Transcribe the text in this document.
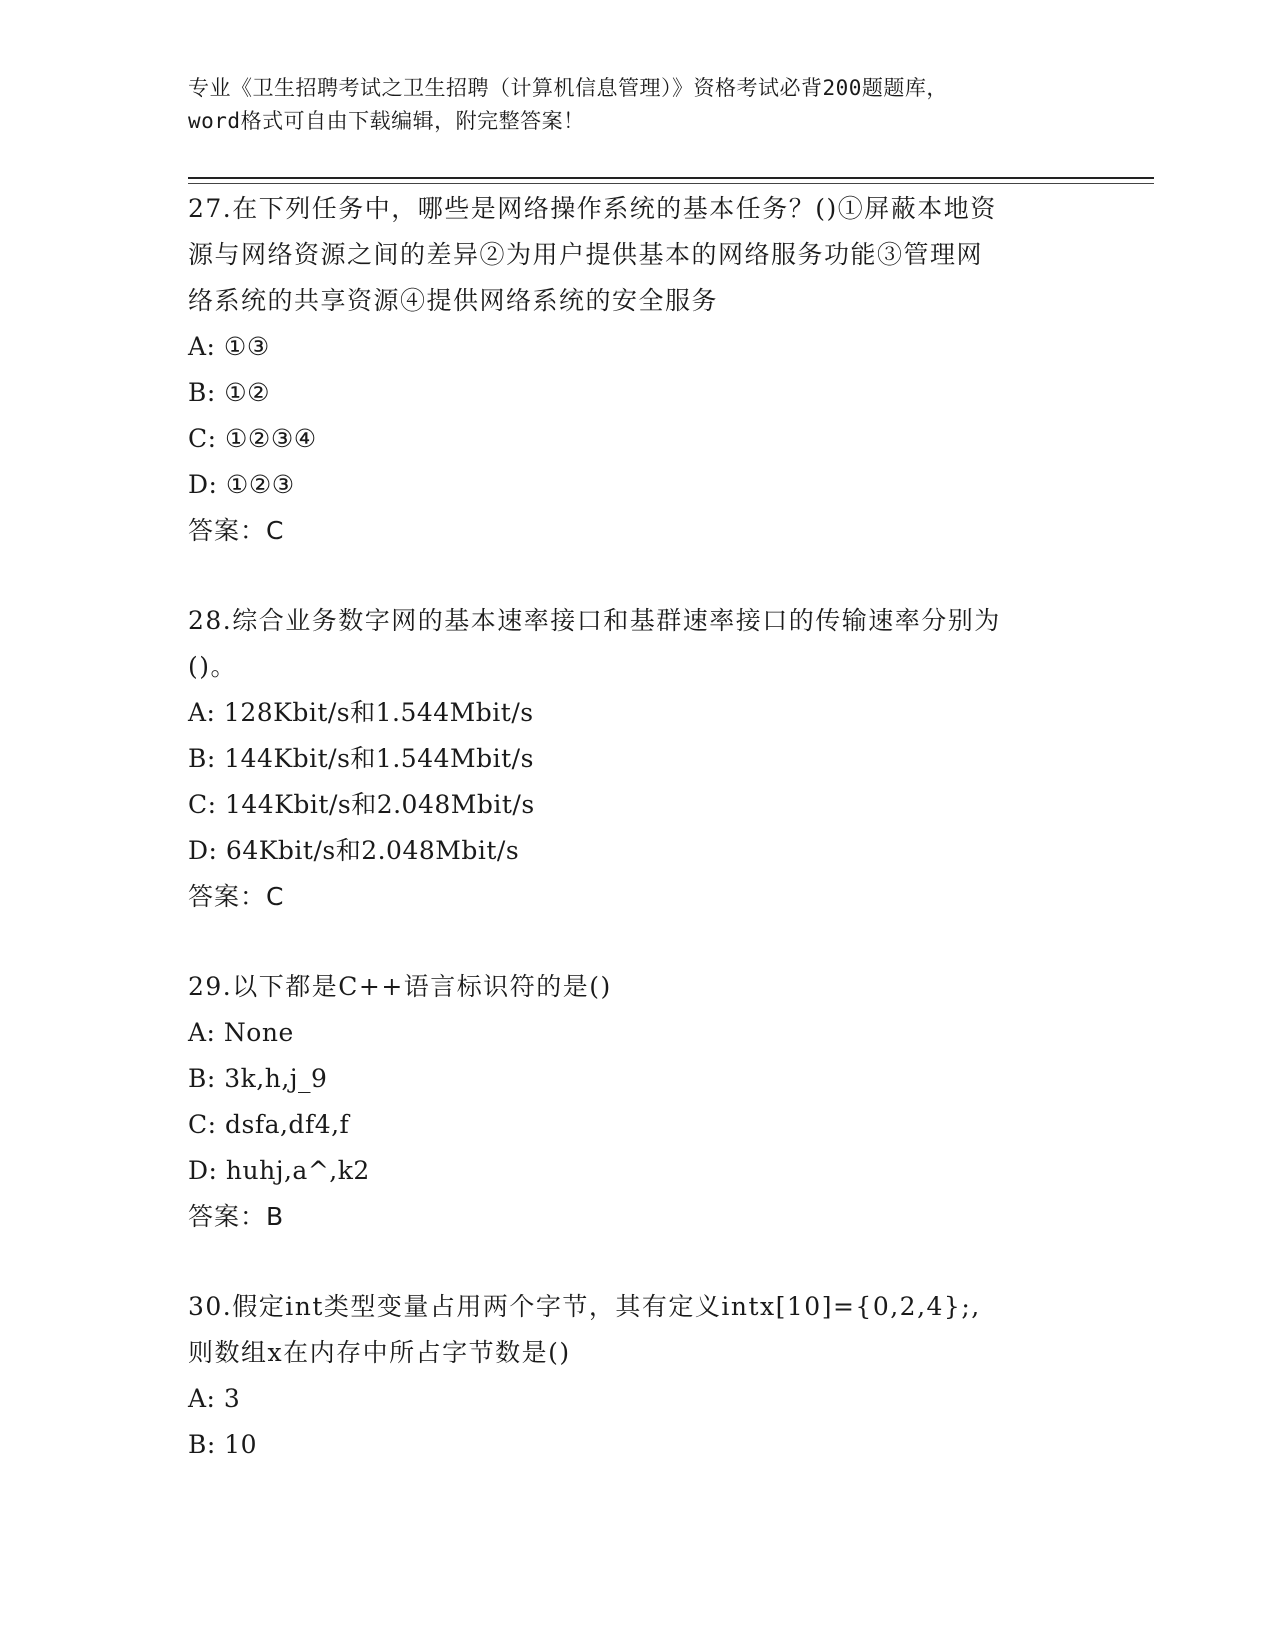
专业《卫生招聘考试之卫生招聘（计算机信息管理）》资格考试必背200题题库，
word格式可自由下载编辑，附完整答案！

27.在下列任务中，哪些是网络操作系统的基本任务？()①屏蔽本地资

源与网络资源之间的差异②为用户提供基本的网络服务功能③管理网

络系统的共享资源④提供网络系统的安全服务

A: ①③

B: ①②

C: ①②③④

D: ①②③

答案：C

28.综合业务数字网的基本速率接口和基群速率接口的传输速率分别为

()。

A: 128Kbit/s和1.544Mbit/s

B: 144Kbit/s和1.544Mbit/s

C: 144Kbit/s和2.048Mbit/s

D: 64Kbit/s和2.048Mbit/s

答案：C

29.以下都是C++语言标识符的是()

A: None

B: 3k,h,j_9

C: dsfa,df4,f

D: huhj,a^,k2

答案：B

30.假定int类型变量占用两个字节，其有定义intx[10]={0,2,4};,

则数组x在内存中所占字节数是()

A: 3

B: 10
